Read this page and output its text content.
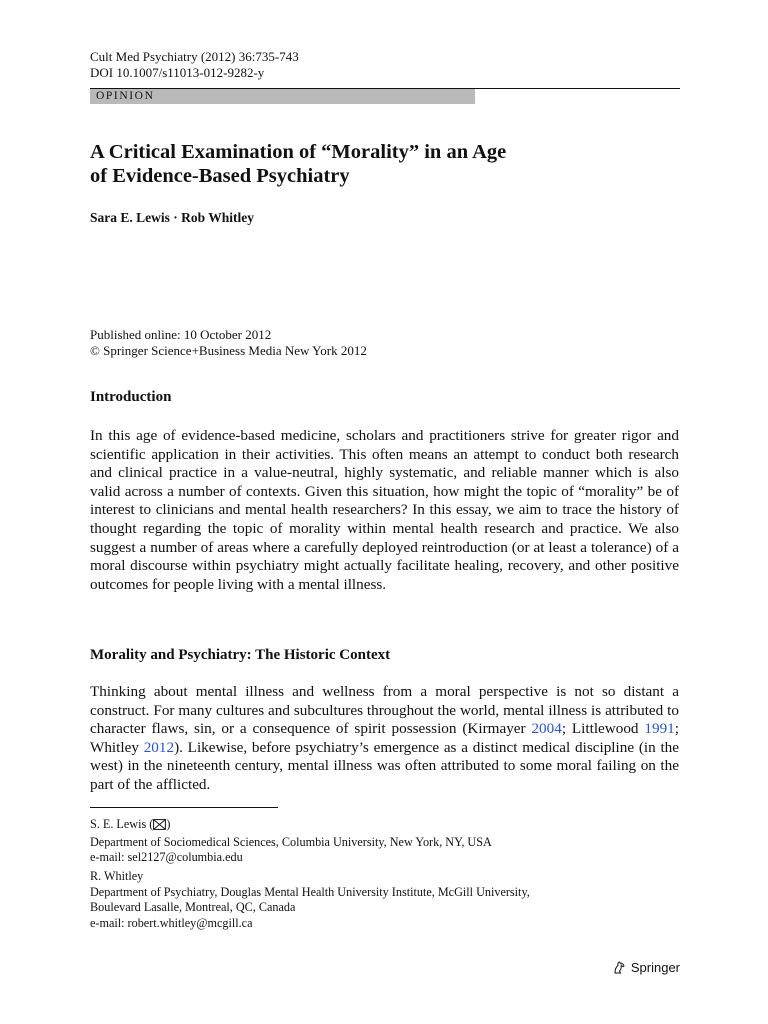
Cult Med Psychiatry (2012) 36:735-743
DOI 10.1007/s11013-012-9282-y
OPINION
A Critical Examination of “Morality” in an Age
of Evidence-Based Psychiatry
Sara E. Lewis · Rob Whitley
Published online: 10 October 2012
© Springer Science+Business Media New York 2012
Introduction
In this age of evidence-based medicine, scholars and practitioners strive for greater rigor and scientific application in their activities. This often means an attempt to conduct both research and clinical practice in a value-neutral, highly systematic, and reliable manner which is also valid across a number of contexts. Given this situation, how might the topic of “morality” be of interest to clinicians and mental health researchers? In this essay, we aim to trace the history of thought regarding the topic of morality within mental health research and practice. We also suggest a number of areas where a carefully deployed reintroduction (or at least a tolerance) of a moral discourse within psychiatry might actually facilitate healing, recovery, and other positive outcomes for people living with a mental illness.
Morality and Psychiatry: The Historic Context
Thinking about mental illness and wellness from a moral perspective is not so distant a construct. For many cultures and subcultures throughout the world, mental illness is attributed to character flaws, sin, or a consequence of spirit possession (Kirmayer 2004; Littlewood 1991; Whitley 2012). Likewise, before psychiatry’s emergence as a distinct medical discipline (in the west) in the nineteenth century, mental illness was often attributed to some moral failing on the part of the afflicted.
S. E. Lewis ( )
Department of Sociomedical Sciences, Columbia University, New York, NY, USA
e-mail: sel2127@columbia.edu
R. Whitley
Department of Psychiatry, Douglas Mental Health University Institute, McGill University,
Boulevard Lasalle, Montreal, QC, Canada
e-mail: robert.whitley@mcgill.ca
Springer
